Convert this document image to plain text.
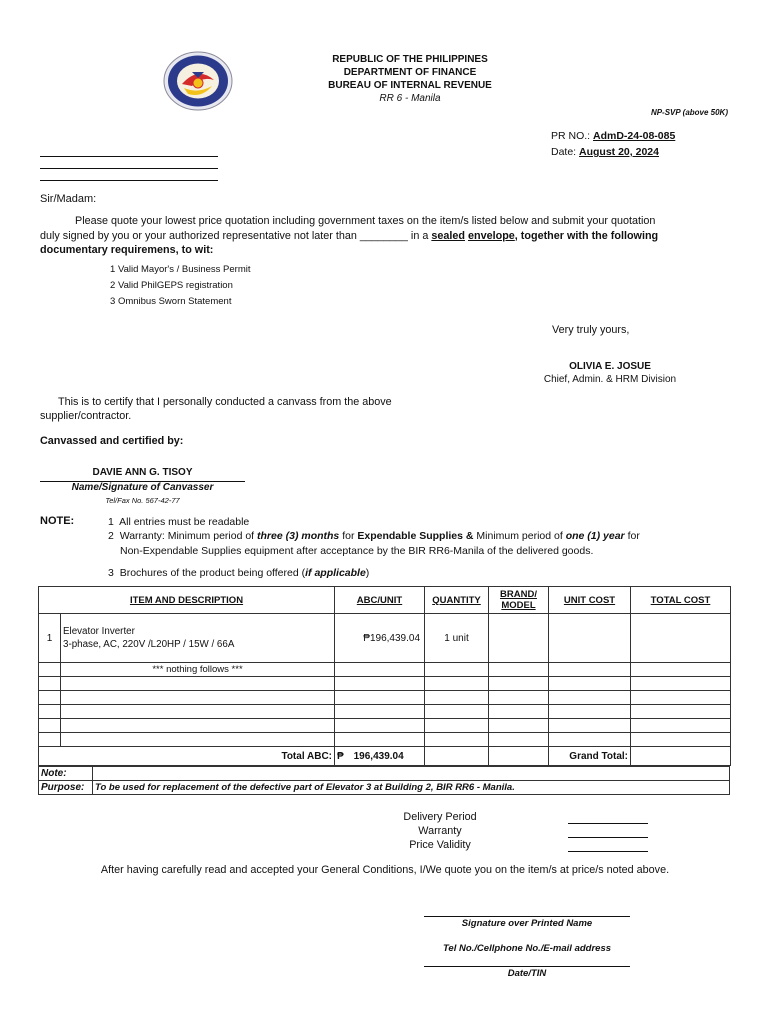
REPUBLIC OF THE PHILIPPINES
DEPARTMENT OF FINANCE
BUREAU OF INTERNAL REVENUE
RR 6 - Manila
NP-SVP (above 50K)
PR NO.: AdmD-24-08-085
Date: August 20, 2024
Sir/Madam:
Please quote your lowest price quotation including government taxes on the item/s listed below and submit your quotation
duly signed by you or your authorized representative not later than ________ in a sealed envelope, together with the following
documentary requiremens, to wit:
1 Valid Mayor's / Business Permit
2 Valid PhilGEPS registration
3 Omnibus Sworn Statement
Very truly yours,
OLIVIA E. JOSUE
Chief, Admin. & HRM Division
This is to certify that I personally conducted a canvass from the above
supplier/contractor.
Canvassed and certified by:
DAVIE ANN G. TISOY
Name/Signature of Canvasser
Tel/Fax No. 567-42-77
NOTE:	1 All entries must be readable
2 Warranty: Minimum period of three (3) months for Expendable Supplies & Minimum period of one (1) year for
Non-Expendable Supplies equipment after acceptance by the BIR RR6-Manila of the delivered goods.
3 Brochures of the product being offered (if applicable)
ITEM AND DESCRIPTION		ABC/UNIT	QUANTITY	BRAND/ MODEL	UNIT COST	TOTAL COST
1	Elevator Inverter
3-phase, AC, 220V /L20HP / 15W / 66A	₱196,439.04	1 unit			
	*** nothing follows ***					

Total ABC:		₱ 196,439.04			Grand Total:	
Note:	
Purpose:	To be used for replacement of the defective part of Elevator 3 at Building 2, BIR RR6 - Manila.
Delivery Period
Warranty
Price Validity
After having carefully read and accepted your General Conditions, I/We quote you on the item/s at price/s noted above.
Signature over Printed Name
Tel No./Cellphone No./E-mail address
Date/TIN
